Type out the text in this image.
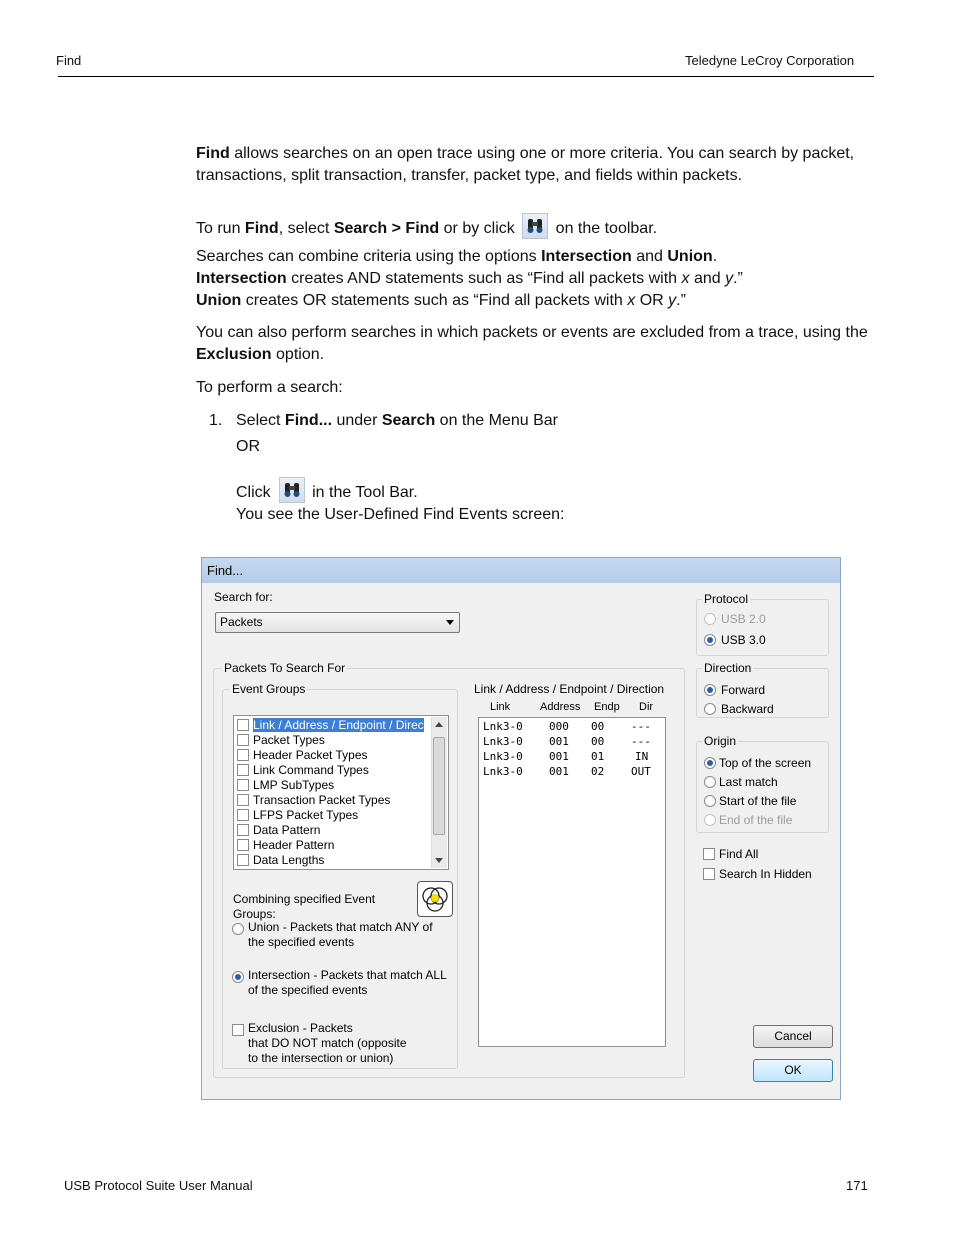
Find	Teledyne LeCroy Corporation
Find allows searches on an open trace using one or more criteria. You can search by packet, transactions, split transaction, transfer, packet type, and fields within packets.
To run Find, select Search > Find or by click
on the toolbar.
Searches can combine criteria using the options Intersection and Union.
Intersection creates AND statements such as “Find all packets with x and y.”
Union creates OR statements such as “Find all packets with x OR y.”
You can also perform searches in which packets or events are excluded from a trace, using the Exclusion option.
To perform a search:
1. Select Find... under Search on the Menu Bar
OR
Click
in the Tool Bar.
You see the User-Defined Find Events screen:
Find...
Search for:
Packets
Protocol
USB 2.0
USB 3.0
Packets To Search For
Event Groups
Link / Address / Endpoint / Direc
Packet Types
Header Packet Types
Link Command Types
LMP SubTypes
Transaction Packet Types
LFPS Packet Types
Data Pattern
Header Pattern
Data Lengths
Combining specified Event Groups:
Union - Packets that match ANY of
the specified events
Intersection - Packets that match ALL
of the specified events
Exclusion - Packets
that DO NOT match (opposite
to the intersection or union)
Link / Address / Endpoint / Direction
Link	Address Endp Dir
Lnk3-0 000 00 ---
Lnk3-0 001 00 ---
Lnk3-0 001 01	IN
Lnk3-0 001 02 OUT
Direction
Forward
Backward
Origin
Top of the screen
Last match
Start of the file
End of the file
Find All
Search In Hidden
Cancel
OK
USB Protocol Suite User Manual	171
